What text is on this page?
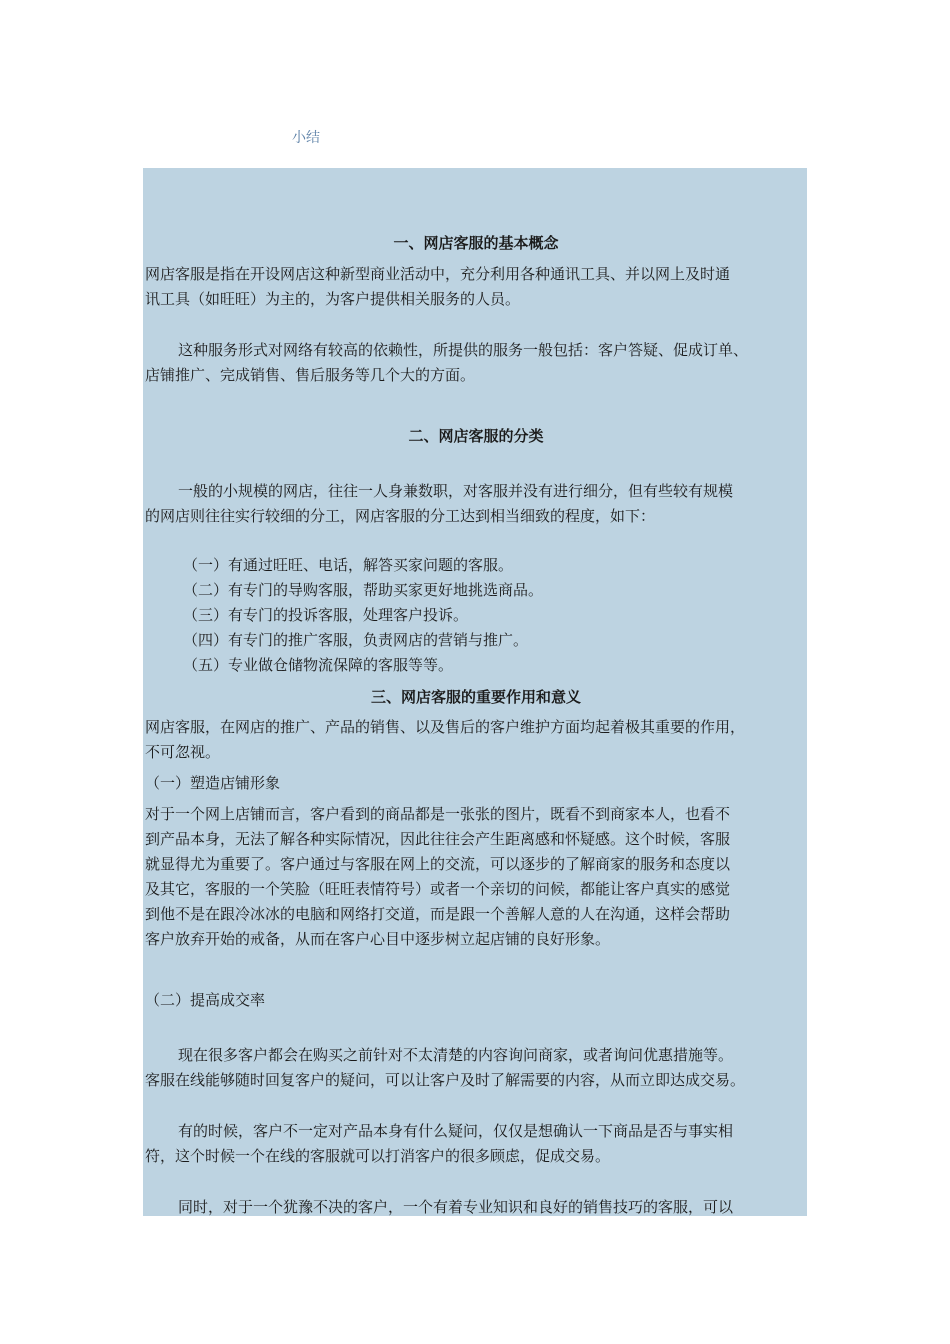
小结
一、网店客服的基本概念

网店客服是指在开设网店这种新型商业活动中，充分利用各种通讯工具、并以网上及时通

讯工具（如旺旺）为主的，为客户提供相关服务的人员。

这种服务形式对网络有较高的依赖性，所提供的服务一般包括：客户答疑、促成订单、

店铺推广、完成销售、售后服务等几个大的方面。

二、网店客服的分类

一般的小规模的网店，往往一人身兼数职，对客服并没有进行细分，但有些较有规模

的网店则往往实行较细的分工，网店客服的分工达到相当细致的程度，如下：

（一）有通过旺旺、电话，解答买家问题的客服。

（二）有专门的导购客服，帮助买家更好地挑选商品。

（三）有专门的投诉客服，处理客户投诉。

（四）有专门的推广客服，负责网店的营销与推广。

（五）专业做仓储物流保障的客服等等。

三、网店客服的重要作用和意义

网店客服，在网店的推广、产品的销售、以及售后的客户维护方面均起着极其重要的作用，

不可忽视。

（一）塑造店铺形象

对于一个网上店铺而言，客户看到的商品都是一张张的图片，既看不到商家本人，也看不

到产品本身，无法了解各种实际情况，因此往往会产生距离感和怀疑感。这个时候，客服

就显得尤为重要了。客户通过与客服在网上的交流，可以逐步的了解商家的服务和态度以

及其它，客服的一个笑脸（旺旺表情符号）或者一个亲切的问候，都能让客户真实的感觉

到他不是在跟冷冰冰的电脑和网络打交道，而是跟一个善解人意的人在沟通，这样会帮助

客户放弃开始的戒备，从而在客户心目中逐步树立起店铺的良好形象。

（二）提高成交率

现在很多客户都会在购买之前针对不太清楚的内容询问商家，或者询问优惠措施等。

客服在线能够随时回复客户的疑问，可以让客户及时了解需要的内容，从而立即达成交易。

有的时候，客户不一定对产品本身有什么疑问，仅仅是想确认一下商品是否与事实相

符，这个时候一个在线的客服就可以打消客户的很多顾虑，促成交易。

同时，对于一个犹豫不决的客户，一个有着专业知识和良好的销售技巧的客服，可以
